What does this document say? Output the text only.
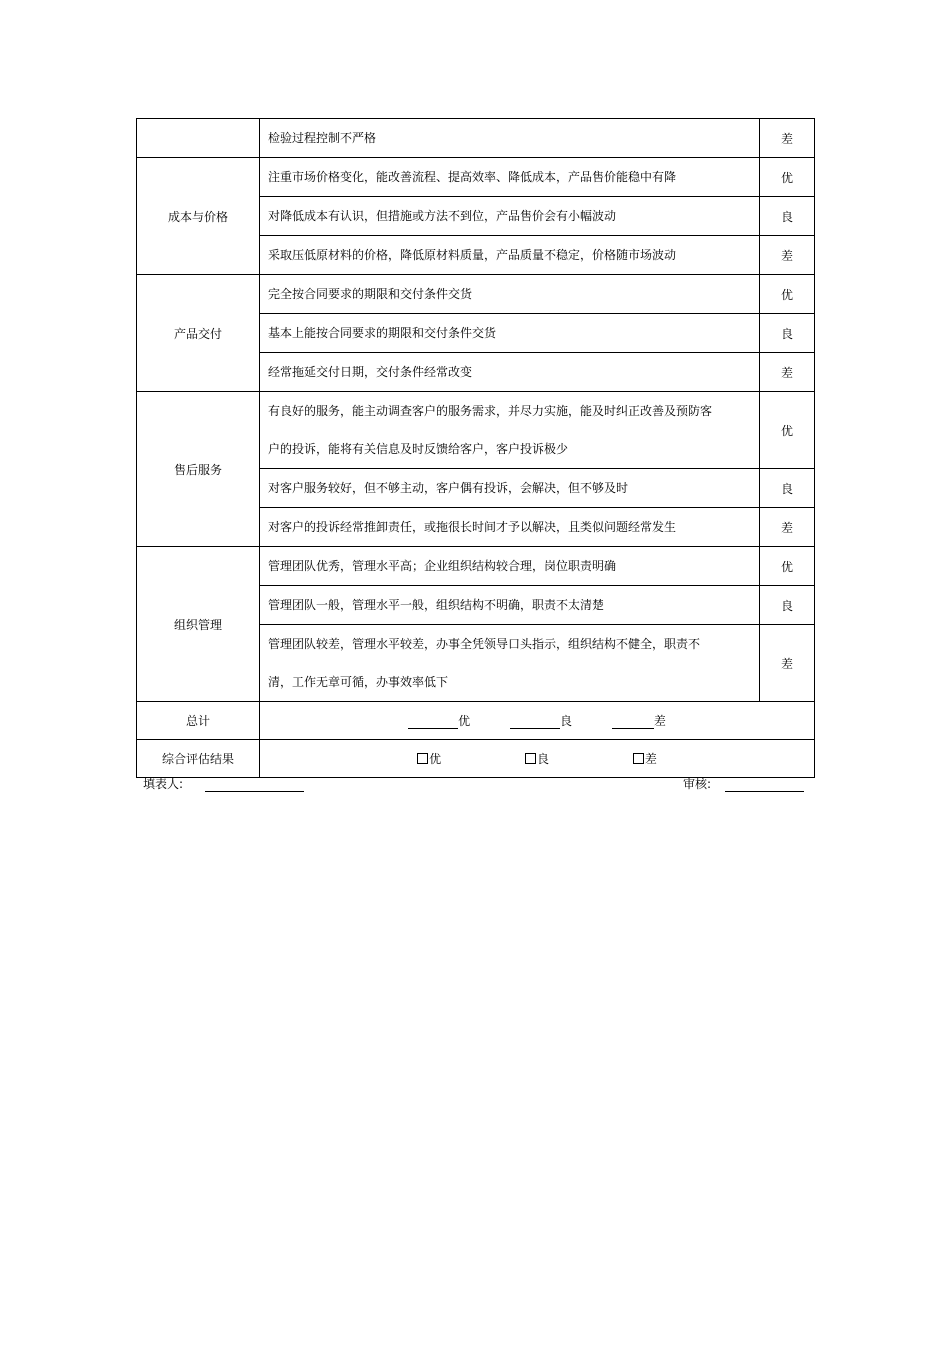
	检验过程控制不严格	差
成本与价格	注重市场价格变化，能改善流程、提高效率、降低成本，产品售价能稳中有降	优
	对降低成本有认识，但措施或方法不到位，产品售价会有小幅波动	良
	采取压低原材料的价格，降低原材料质量，产品质量不稳定，价格随市场波动	差
产品交付	完全按合同要求的期限和交付条件交货	优
	基本上能按合同要求的期限和交付条件交货	良
	经常拖延交付日期，交付条件经常改变	差
售后服务	有良好的服务，能主动调查客户的服务需求，并尽力实施，能及时纠正改善及预防客户的投诉，能将有关信息及时反馈给客户，客户投诉极少	优
	对客户服务较好，但不够主动，客户偶有投诉，会解决，但不够及时	良
	对客户的投诉经常推卸责任，或拖很长时间才予以解决，且类似问题经常发生	差
组织管理	管理团队优秀，管理水平高；企业组织结构较合理，岗位职责明确	优
	管理团队一般，管理水平一般，组织结构不明确，职责不太清楚	良
	管理团队较差，管理水平较差，办事全凭领导口头指示，组织结构不健全，职责不清，工作无章可循，办事效率低下	差
总计	优 良 差	
综合评估结果	优 良 差	
填表人:	审核:
